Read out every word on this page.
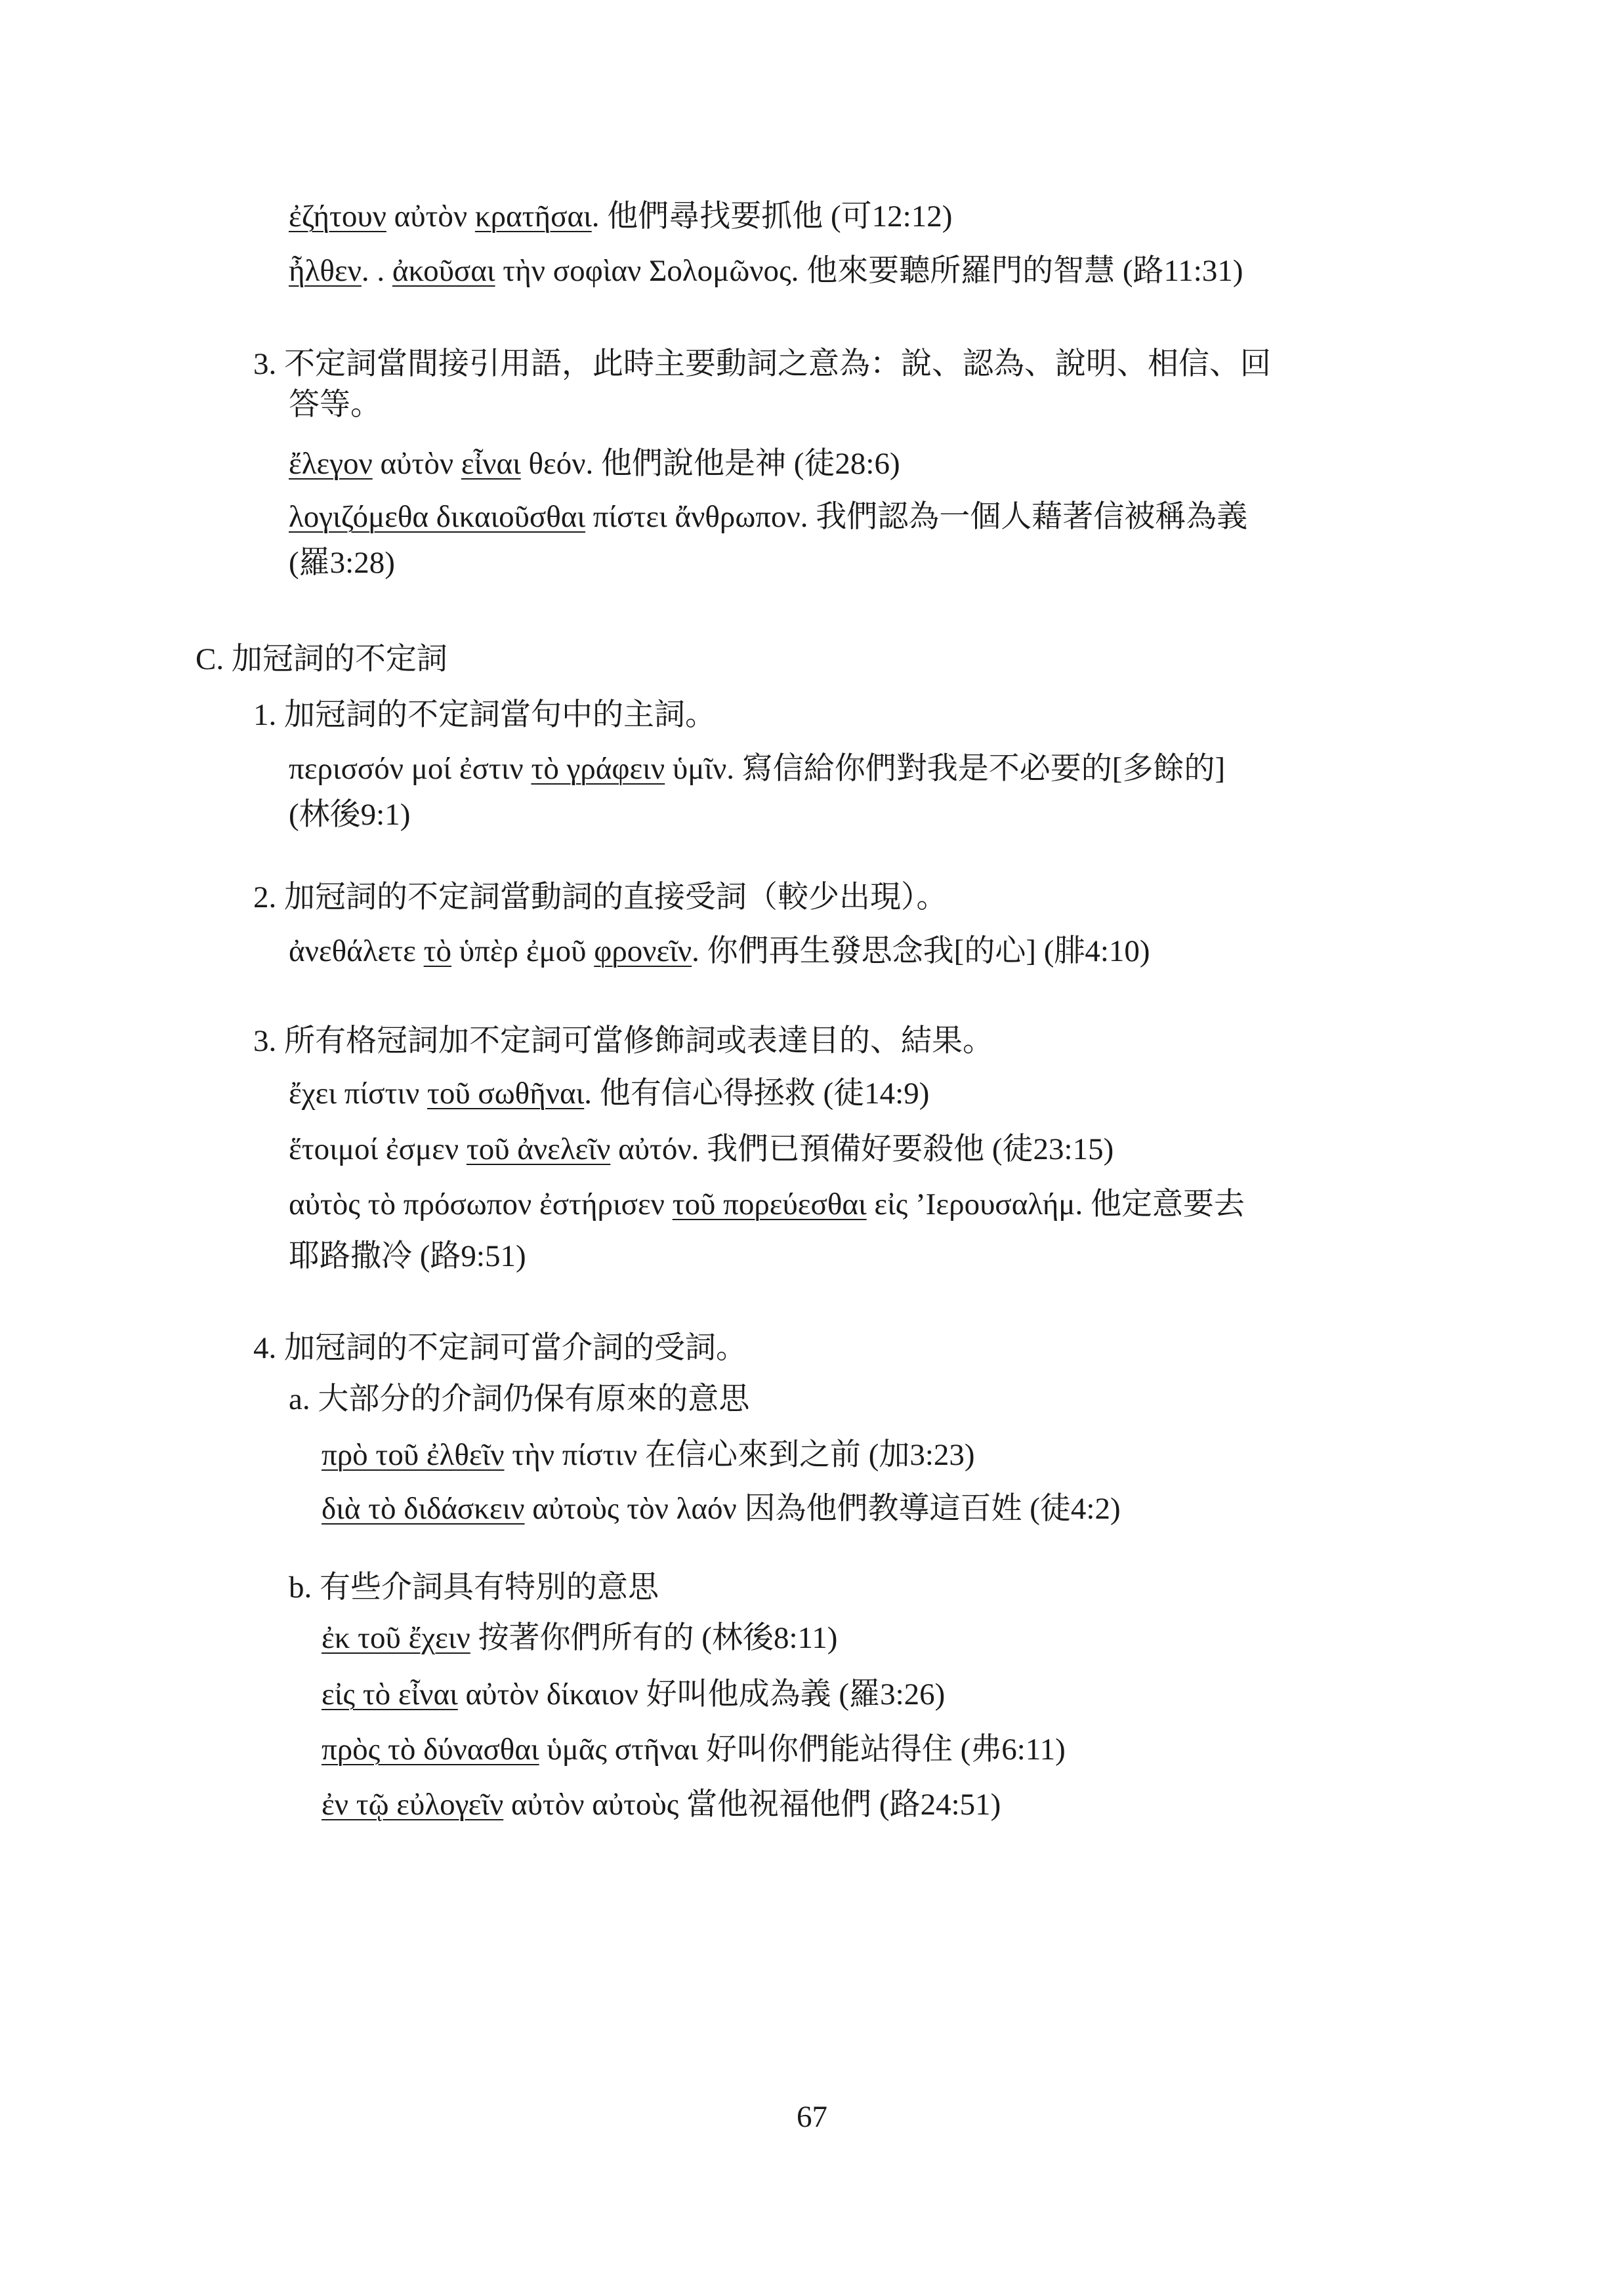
ἐζήτουν αὐτὸν κρατῆσαι. 他們尋找要抓他 (可12:12)
ἦλθεν. . ἀκοῦσαι τὴν σοφὶαν Σολομῶνος. 他來要聽所羅門的智慧 (路11:31)
3. 不定詞當間接引用語，此時主要動詞之意為：說、認為、說明、相信、回
答等。
ἔλεγον αὐτὸν εἶναι θεόν. 他們說他是神 (徒28:6)
λογιζόμεθα δικαιοῦσθαι πίστει ἄνθρωπον. 我們認為一個人藉著信被稱為義
(羅3:28)
C. 加冠詞的不定詞
1. 加冠詞的不定詞當句中的主詞。
περισσόν μοί ἐστιν τὸ γράφειν ὑμῖν. 寫信給你們對我是不必要的[多餘的]
(林後9:1)
2. 加冠詞的不定詞當動詞的直接受詞（較少出現）。
ἀνεθάλετε τὸ ὑπὲρ ἐμοῦ φρονεῖν. 你們再生發思念我[的心] (腓4:10)
3. 所有格冠詞加不定詞可當修飾詞或表達目的、結果。
ἔχει πίστιν τοῦ σωθῆναι. 他有信心得拯救 (徒14:9)
ἕτοιμοί ἐσμεν τοῦ ἀνελεῖν αὐτόν. 我們已預備好要殺他 (徒23:15)
αὐτὸς τὸ πρόσωπον ἐστήρισεν τοῦ πορεύεσθαι εἰς ’Ιερουσαλήμ. 他定意要去
耶路撒冷 (路9:51)
4. 加冠詞的不定詞可當介詞的受詞。
a. 大部分的介詞仍保有原來的意思
πρὸ τοῦ ἐλθεῖν τὴν πίστιν 在信心來到之前 (加3:23)
διὰ τὸ διδάσκειν αὐτοὺς τὸν λαόν 因為他們教導這百姓 (徒4:2)
b. 有些介詞具有特別的意思
ἐκ τοῦ ἔχειν 按著你們所有的 (林後8:11)
εἰς τὸ εἶναι αὐτὸν δίκαιον 好叫他成為義 (羅3:26)
πρὸς τὸ δύνασθαι ὑμᾶς στῆναι 好叫你們能站得住 (弗6:11)
ἐν τῷ εὐλογεῖν αὐτὸν αὐτοὺς 當他祝福他們 (路24:51)
67
